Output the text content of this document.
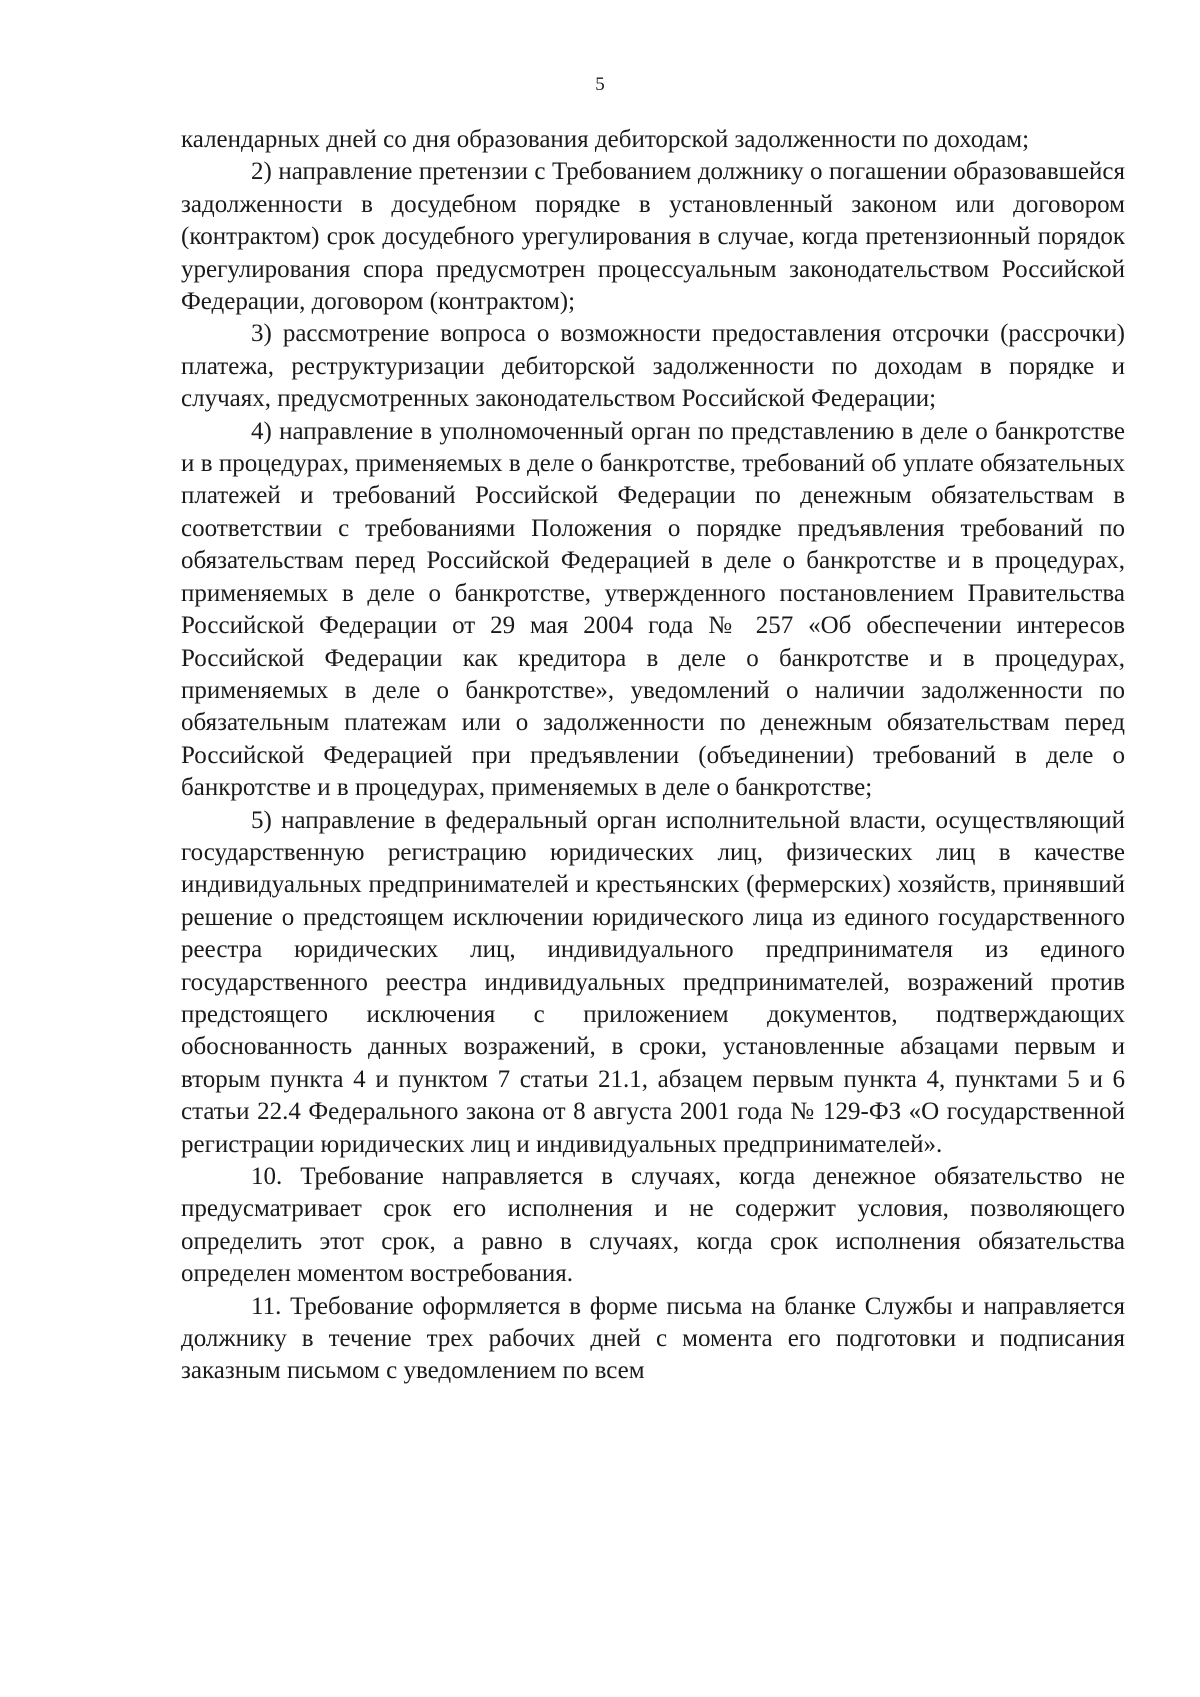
5

календарных дней со дня образования дебиторской задолженности по доходам;

2) направление претензии с Требованием должнику о погашении образовавшейся задолженности в досудебном порядке в установленный законом или договором (контрактом) срок досудебного урегулирования в случае, когда претензионный порядок урегулирования спора предусмотрен процессуальным законодательством Российской Федерации, договором (контрактом);

3) рассмотрение вопроса о возможности предоставления отсрочки (рассрочки) платежа, реструктуризации дебиторской задолженности по доходам в порядке и случаях, предусмотренных законодательством Российской Федерации;

4) направление в уполномоченный орган по представлению в деле о банкротстве и в процедурах, применяемых в деле о банкротстве, требований об уплате обязательных платежей и требований Российской Федерации по денежным обязательствам в соответствии с требованиями Положения о порядке предъявления требований по обязательствам перед Российской Федерацией в деле о банкротстве и в процедурах, применяемых в деле о банкротстве, утвержденного постановлением Правительства Российской Федерации от 29 мая 2004 года № 257 «Об обеспечении интересов Российской Федерации как кредитора в деле о банкротстве и в процедурах, применяемых в деле о банкротстве», уведомлений о наличии задолженности по обязательным платежам или о задолженности по денежным обязательствам перед Российской Федерацией при предъявлении (объединении) требований в деле о банкротстве и в процедурах, применяемых в деле о банкротстве;

5) направление в федеральный орган исполнительной власти, осуществляющий государственную регистрацию юридических лиц, физических лиц в качестве индивидуальных предпринимателей и крестьянских (фермерских) хозяйств, принявший решение о предстоящем исключении юридического лица из единого государственного реестра юридических лиц, индивидуального предпринимателя из единого государственного реестра индивидуальных предпринимателей, возражений против предстоящего исключения с приложением документов, подтверждающих обоснованность данных возражений, в сроки, установленные абзацами первым и вторым пункта 4 и пунктом 7 статьи 21.1, абзацем первым пункта 4, пунктами 5 и 6 статьи 22.4 Федерального закона от 8 августа 2001 года № 129-ФЗ «О государственной регистрации юридических лиц и индивидуальных предпринимателей».

10. Требование направляется в случаях, когда денежное обязательство не предусматривает срок его исполнения и не содержит условия, позволяющего определить этот срок, а равно в случаях, когда срок исполнения обязательства определен моментом востребования.

11. Требование оформляется в форме письма на бланке Службы и направляется должнику в течение трех рабочих дней с момента его подготовки и подписания заказным письмом с уведомлением по всем
